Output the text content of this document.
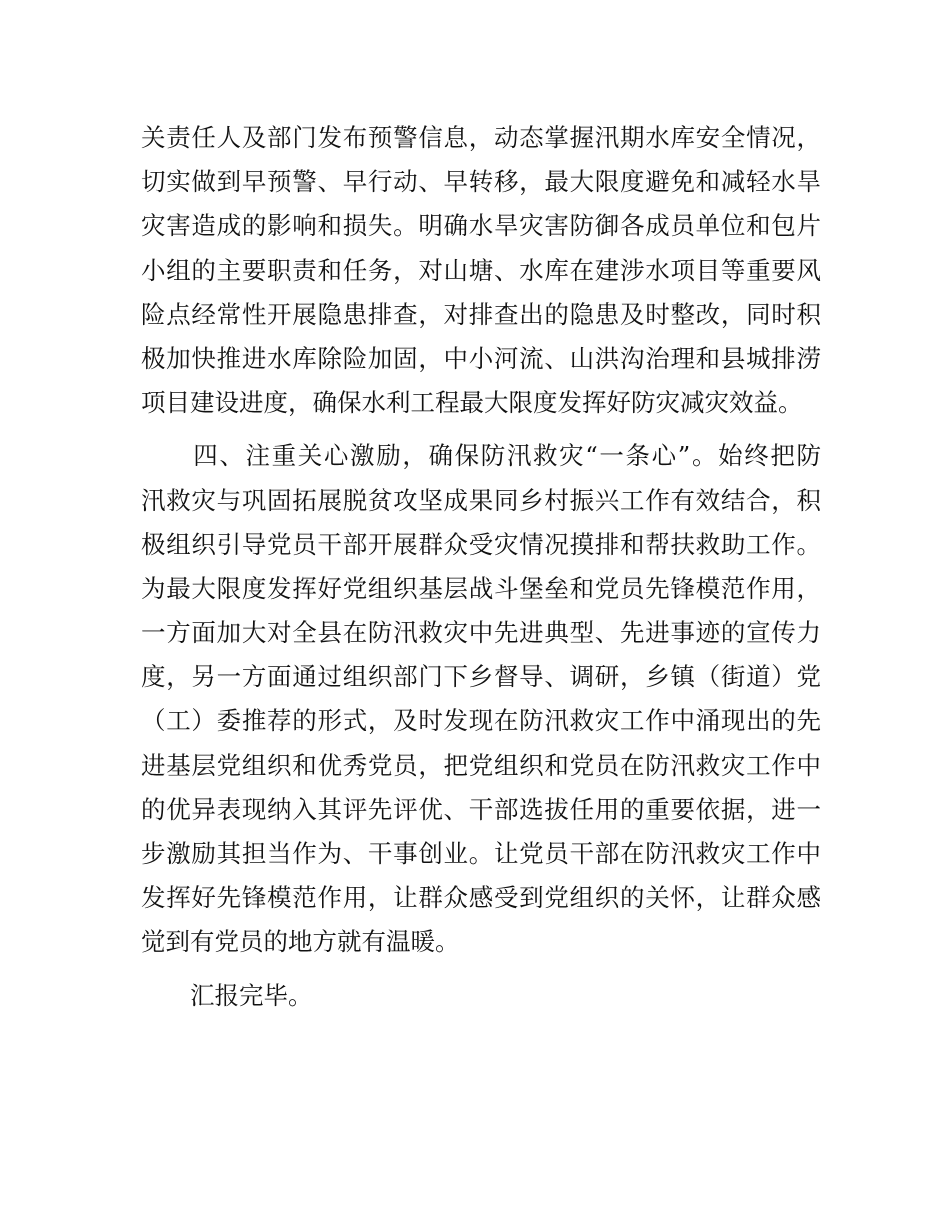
关责任人及部门发布预警信息，动态掌握汛期水库安全情况，
切实做到早预警、早行动、早转移，最大限度避免和减轻水旱
灾害造成的影响和损失。明确水旱灾害防御各成员单位和包片
小组的主要职责和任务，对山塘、水库在建涉水项目等重要风
险点经常性开展隐患排查，对排查出的隐患及时整改，同时积
极加快推进水库除险加固，中小河流、山洪沟治理和县城排涝
项目建设进度，确保水利工程最大限度发挥好防灾减灾效益。
　　四、注重关心激励，确保防汛救灾“一条心”。始终把防
汛救灾与巩固拓展脱贫攻坚成果同乡村振兴工作有效结合，积
极组织引导党员干部开展群众受灾情况摸排和帮扶救助工作。
为最大限度发挥好党组织基层战斗堡垒和党员先锋模范作用，
一方面加大对全县在防汛救灾中先进典型、先进事迹的宣传力
度，另一方面通过组织部门下乡督导、调研，乡镇（街道）党
（工）委推荐的形式，及时发现在防汛救灾工作中涌现出的先
进基层党组织和优秀党员，把党组织和党员在防汛救灾工作中
的优异表现纳入其评先评优、干部选拔任用的重要依据，进一
步激励其担当作为、干事创业。让党员干部在防汛救灾工作中
发挥好先锋模范作用，让群众感受到党组织的关怀，让群众感
觉到有党员的地方就有温暖。
　　汇报完毕。
